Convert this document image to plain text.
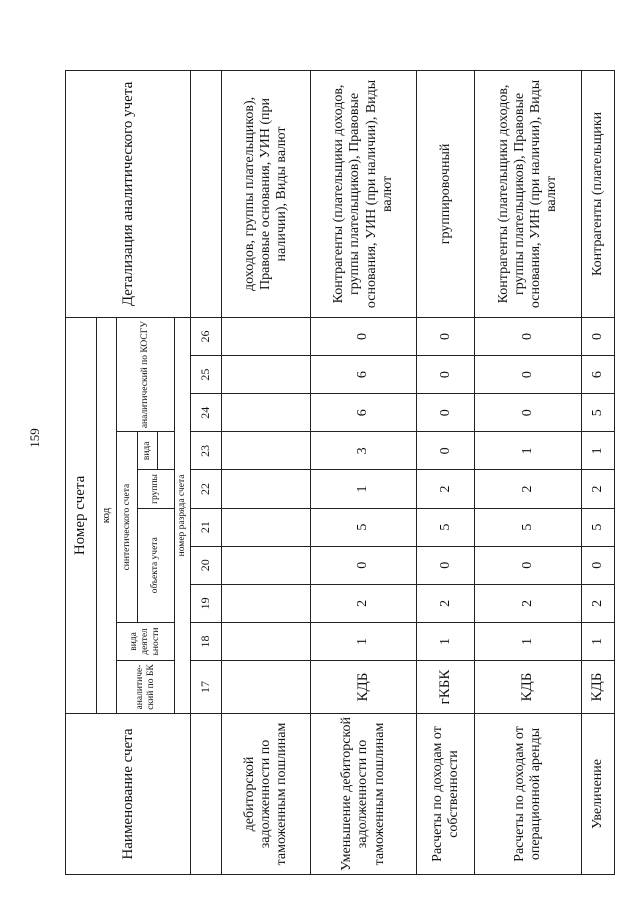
159
Наименование счета	Номер счета										Детализация аналитического учета
	код										
	аналитический по БК	вида деятел ьности	синтетического счета					аналитический по КОСГУ			
			объекта учета			группы	вида				

	номер разряда счета										
	17	18	19	20	21	22	23	24	25	26	
дебиторской задолженности по таможенным пошлинам											доходов, группы плательщиков), Правовые основания, УИН (при наличии), Виды валют
Уменьшение дебиторской задолженности по таможенным пошлинам	КДБ	1	2	0	5	1	3	6	6	0	Контрагенты (плательщики доходов, группы плательщиков), Правовые основания, УИН (при наличии), Виды валют
Расчеты по доходам от собственности	гКБК	1	2	0	5	2	0	0	0	0	группировочный
Расчеты по доходам от операционной аренды	КДБ	1	2	0	5	2	1	0	0	0	Контрагенты (плательщики доходов, группы плательщиков), Правовые основания, УИН (при наличии), Виды валют
Увеличение	КДБ	1	2	0	5	2	1	5	6	0	Контрагенты (плательщики
